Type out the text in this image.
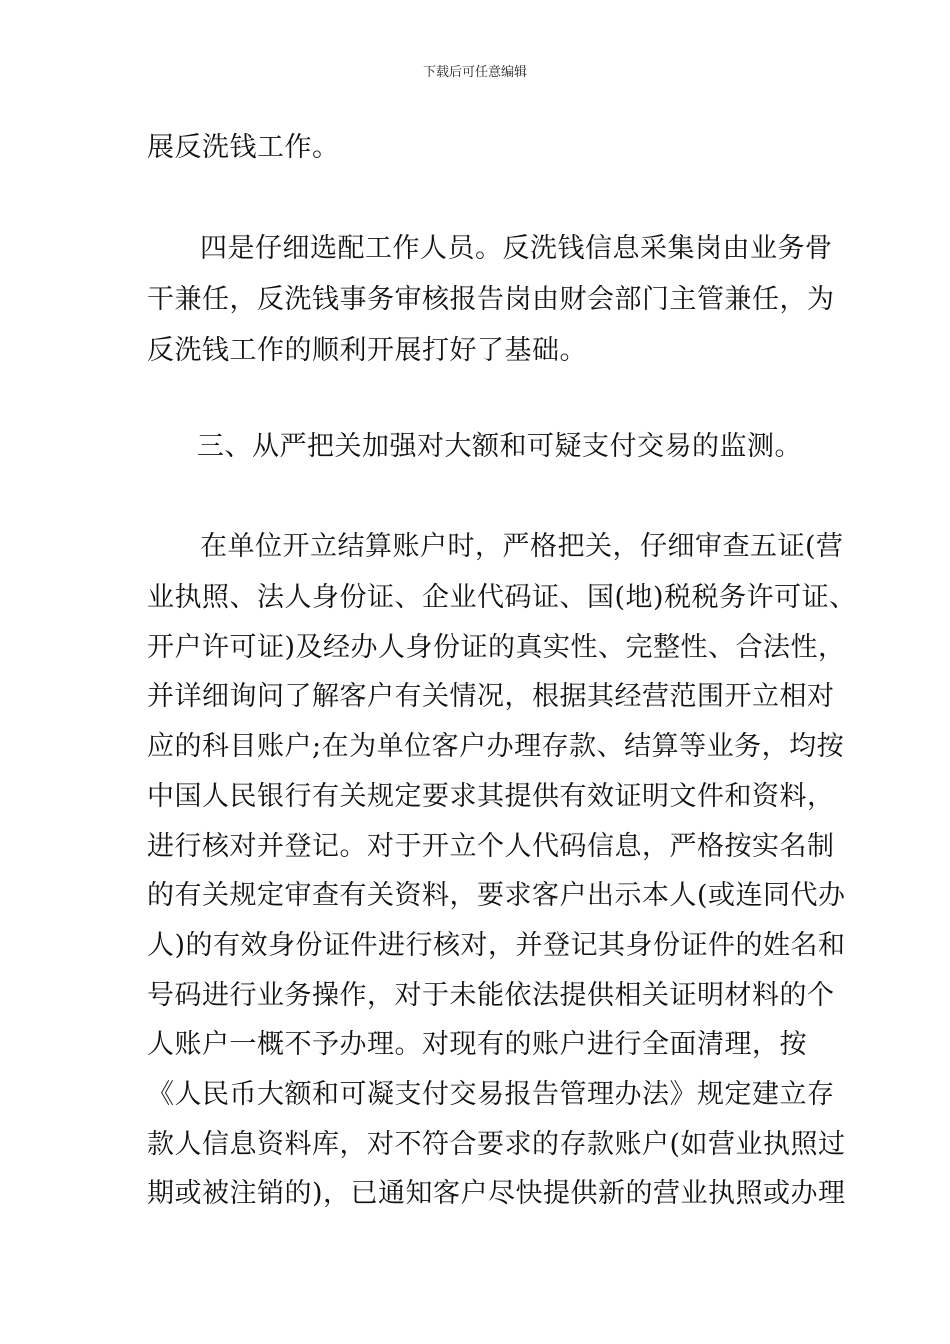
下载后可任意编辑
展反洗钱工作。
四是仔细选配工作人员。反洗钱信息采集岗由业务骨
干兼任，反洗钱事务审核报告岗由财会部门主管兼任，为
反洗钱工作的顺利开展打好了基础。
三、从严把关加强对大额和可疑支付交易的监测。
在单位开立结算账户时，严格把关，仔细审查五证(营
业执照、法人身份证、企业代码证、国(地)税税务许可证、
开户许可证)及经办人身份证的真实性、完整性、合法性，
并详细询问了解客户有关情况，根据其经营范围开立相对
应的科目账户;在为单位客户办理存款、结算等业务，均按
中国人民银行有关规定要求其提供有效证明文件和资料，
进行核对并登记。对于开立个人代码信息，严格按实名制
的有关规定审查有关资料，要求客户出示本人(或连同代办
人)的有效身份证件进行核对，并登记其身份证件的姓名和
号码进行业务操作，对于未能依法提供相关证明材料的个
人账户一概不予办理。对现有的账户进行全面清理，按
《人民币大额和可凝支付交易报告管理办法》规定建立存
款人信息资料库，对不符合要求的存款账户(如营业执照过
期或被注销的)，已通知客户尽快提供新的营业执照或办理
